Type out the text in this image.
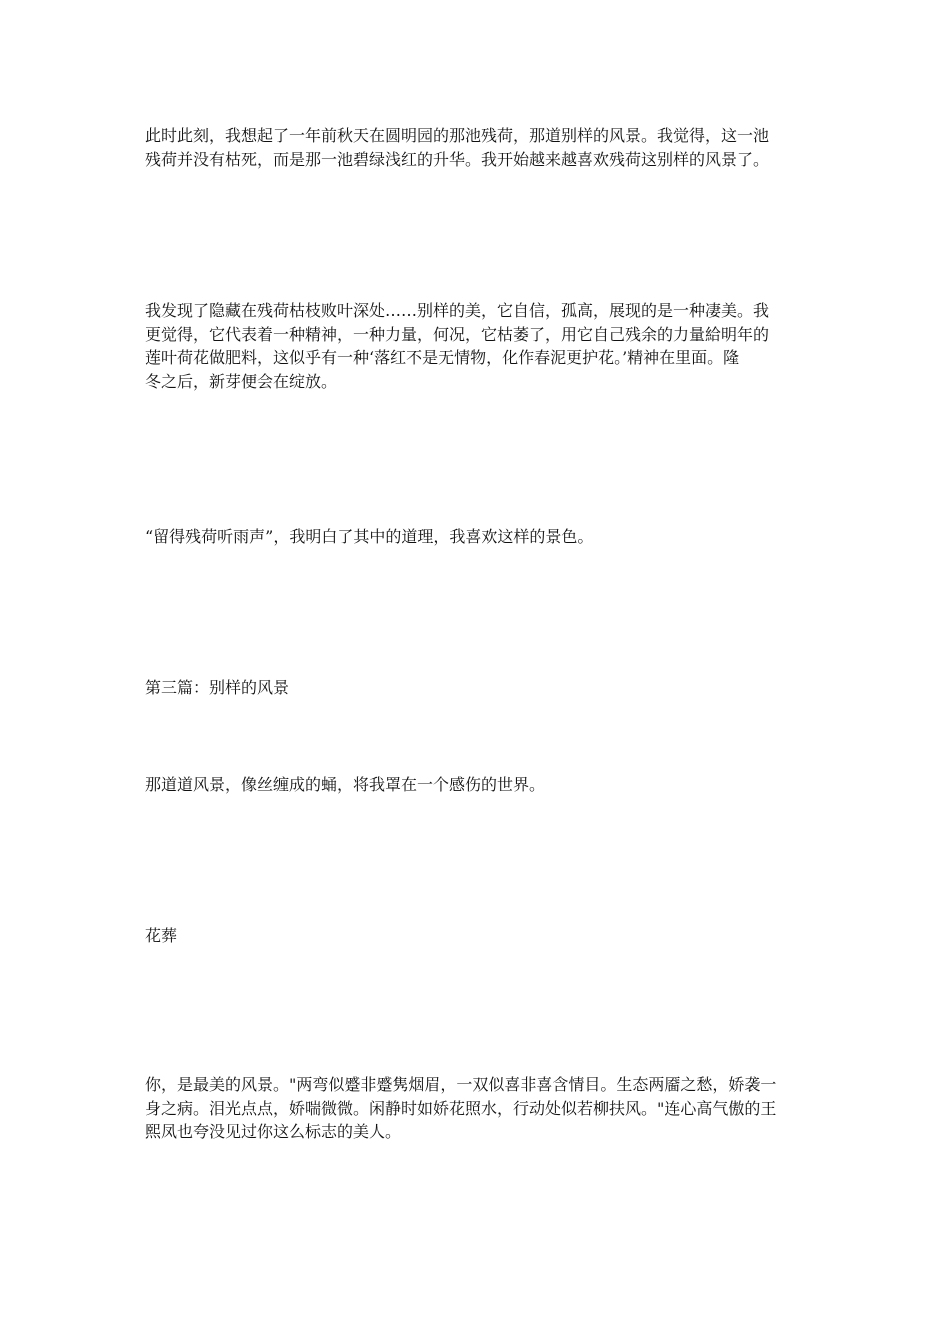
此时此刻，我想起了一年前秋天在圆明园的那池残荷，那道别样的风景。我觉得，这一池
残荷并没有枯死，而是那一池碧绿浅红的升华。我开始越来越喜欢残荷这别样的风景了。

我发现了隐藏在残荷枯枝败叶深处……别样的美，它自信，孤高，展现的是一种凄美。我
更觉得，它代表着一种精神，一种力量，何况，它枯萎了，用它自己残余的力量給明年的
莲叶荷花做肥料，这似乎有一种‘落红不是无情物，化作春泥更护花。’精神在里面。隆
冬之后，新芽便会在绽放。

“留得残荷听雨声”，我明白了其中的道理，我喜欢这样的景色。

第三篇：别样的风景

那道道风景，像丝缠成的蛹，将我罩在一个感伤的世界。

花葬

你，是最美的风景。"两弯似蹙非蹙隽烟眉，一双似喜非喜含情目。生态两靥之愁，娇袭一
身之病。泪光点点，娇喘微微。闲静时如娇花照水，行动处似若柳扶风。"连心高气傲的王
熙凤也夸没见过你这么标志的美人。
